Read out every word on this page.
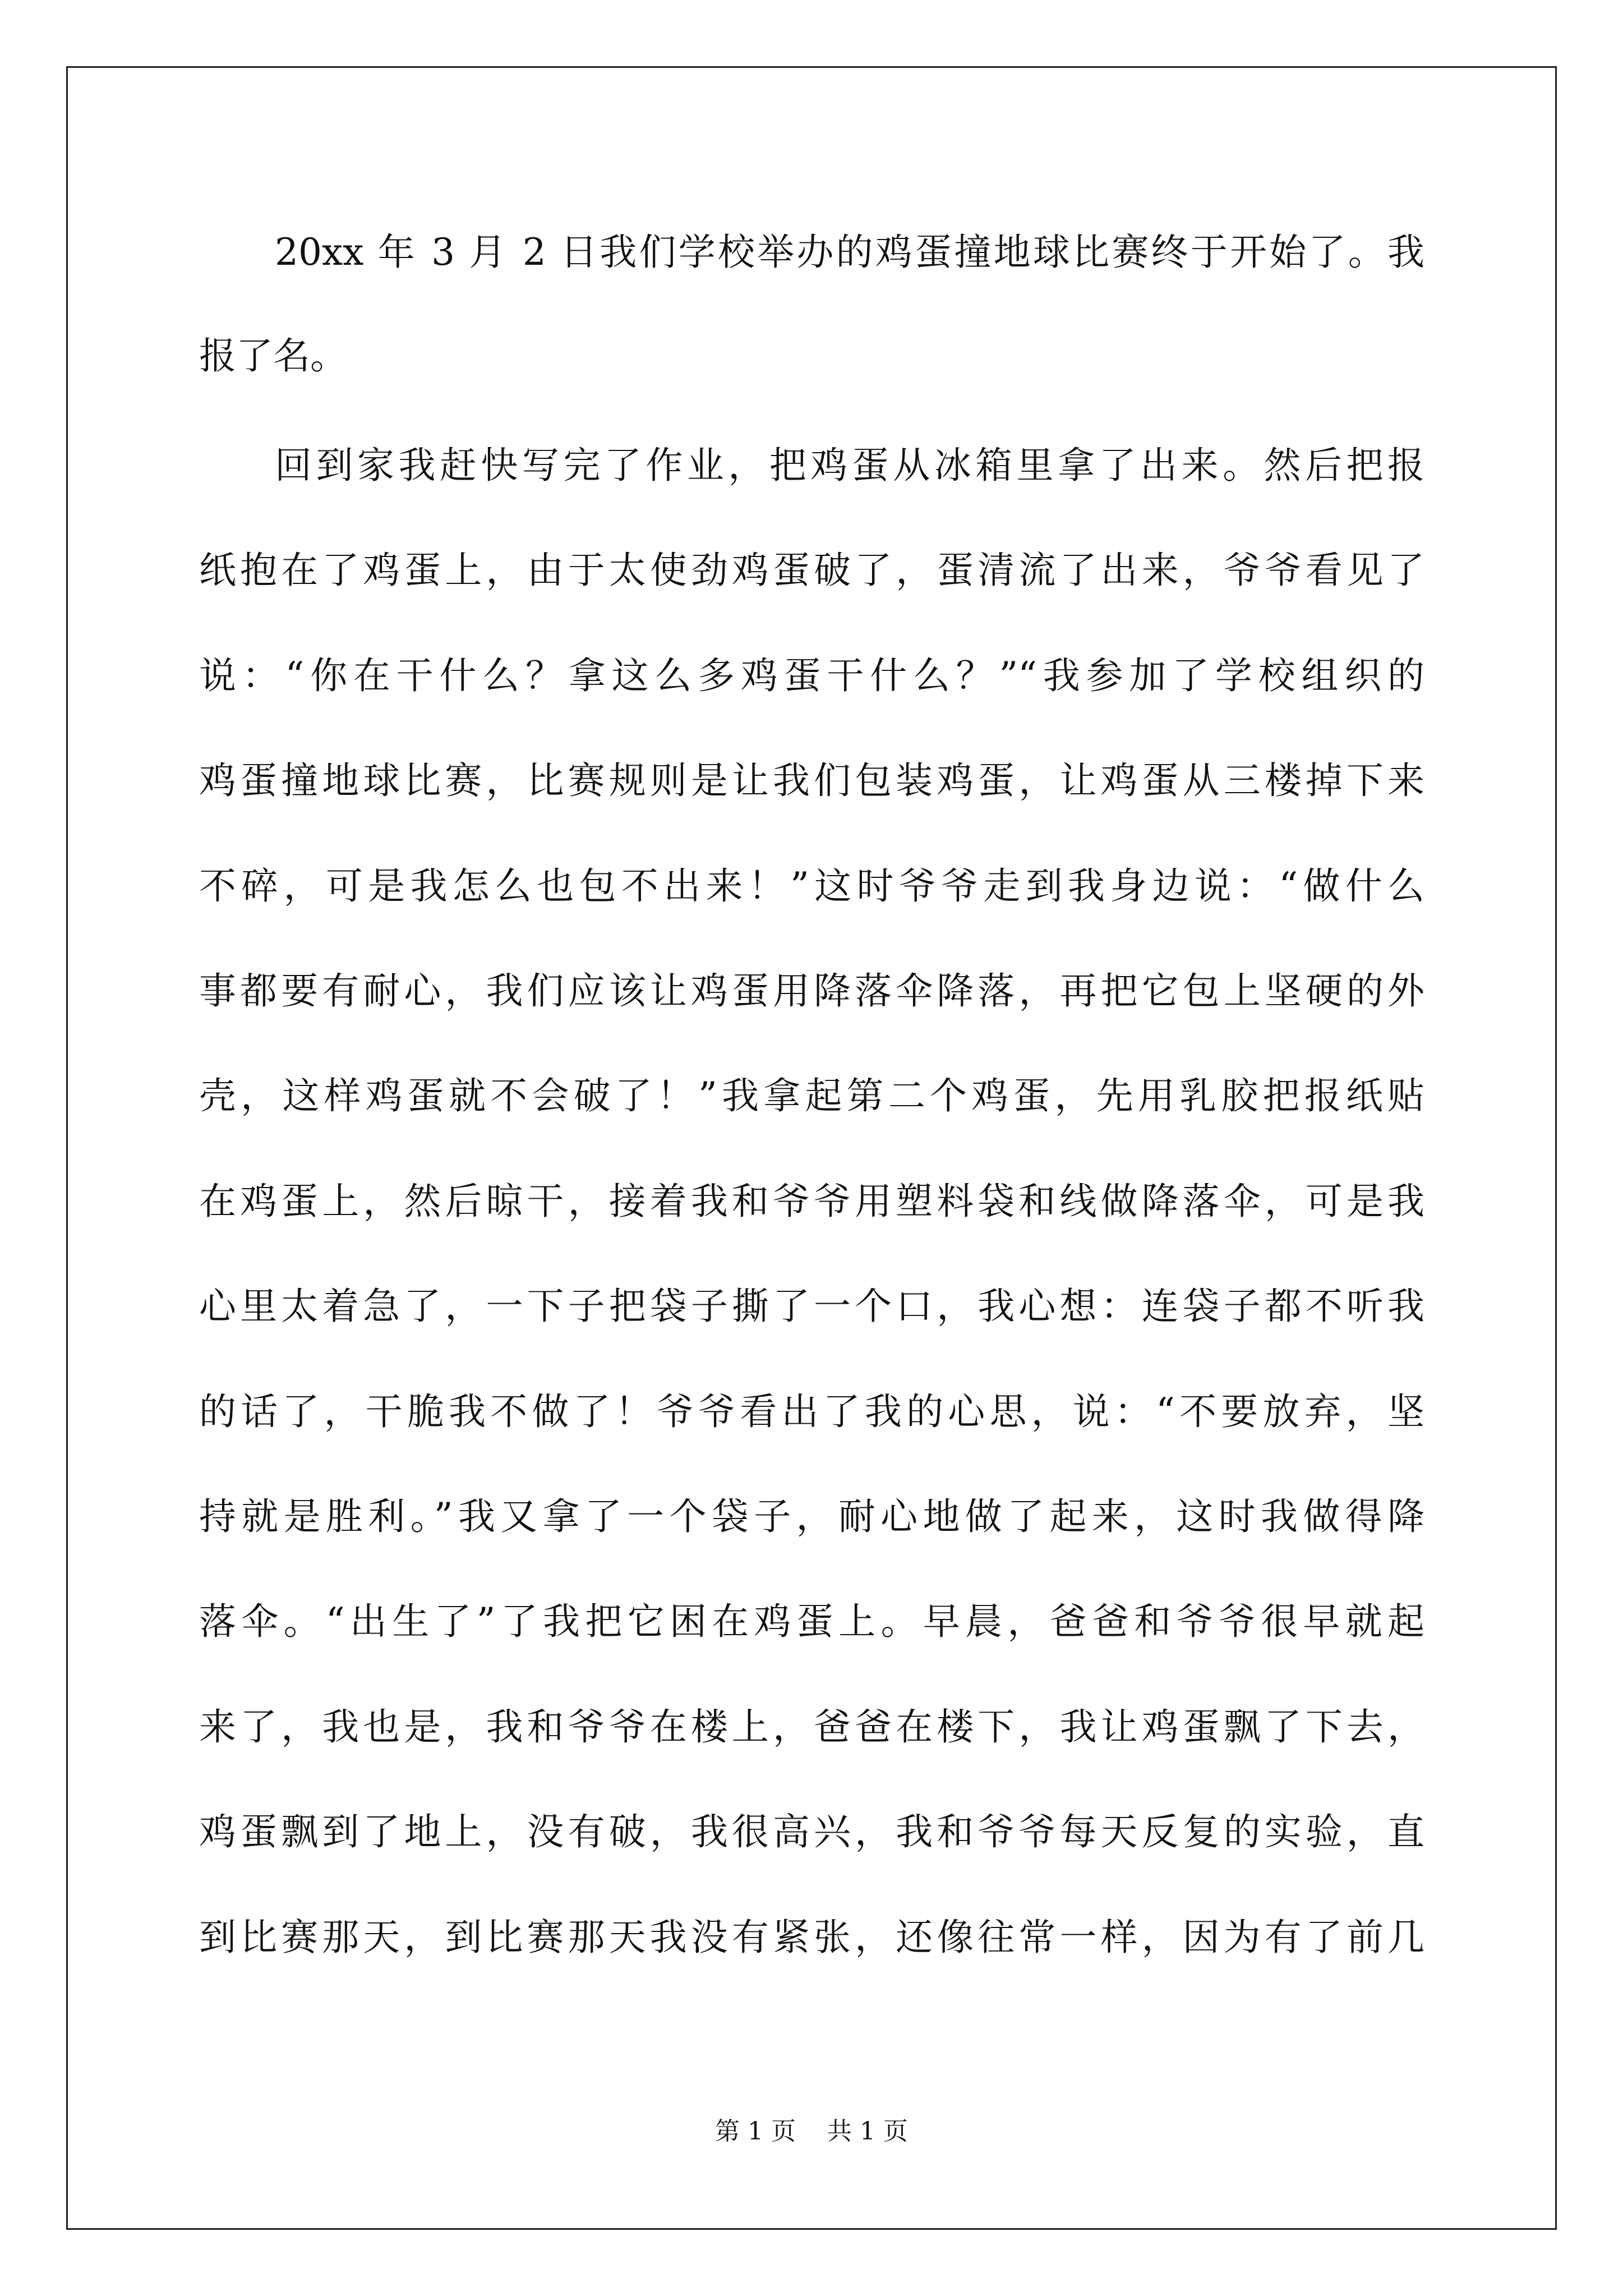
20xx 年 3 月 2 日我们学校举办的鸡蛋撞地球比赛终于开始了。我
报了名。
回到家我赶快写完了作业，把鸡蛋从冰箱里拿了出来。然后把报
纸抱在了鸡蛋上，由于太使劲鸡蛋破了，蛋清流了出来，爷爷看见了
说：“你在干什么？拿这么多鸡蛋干什么？”“我参加了学校组织的
鸡蛋撞地球比赛，比赛规则是让我们包装鸡蛋，让鸡蛋从三楼掉下来
不碎，可是我怎么也包不出来！”这时爷爷走到我身边说：“做什么
事都要有耐心，我们应该让鸡蛋用降落伞降落，再把它包上坚硬的外
壳，这样鸡蛋就不会破了！”我拿起第二个鸡蛋，先用乳胶把报纸贴
在鸡蛋上，然后晾干，接着我和爷爷用塑料袋和线做降落伞，可是我
心里太着急了，一下子把袋子撕了一个口，我心想：连袋子都不听我
的话了，干脆我不做了！爷爷看出了我的心思，说：“不要放弃，坚
持就是胜利。”我又拿了一个袋子，耐心地做了起来，这时我做得降
落伞。“出生了”了我把它困在鸡蛋上。早晨，爸爸和爷爷很早就起
来了，我也是，我和爷爷在楼上，爸爸在楼下，我让鸡蛋飘了下去，
鸡蛋飘到了地上，没有破，我很高兴，我和爷爷每天反复的实验，直
到比赛那天，到比赛那天我没有紧张，还像往常一样，因为有了前几
第 1 页 共 1 页
